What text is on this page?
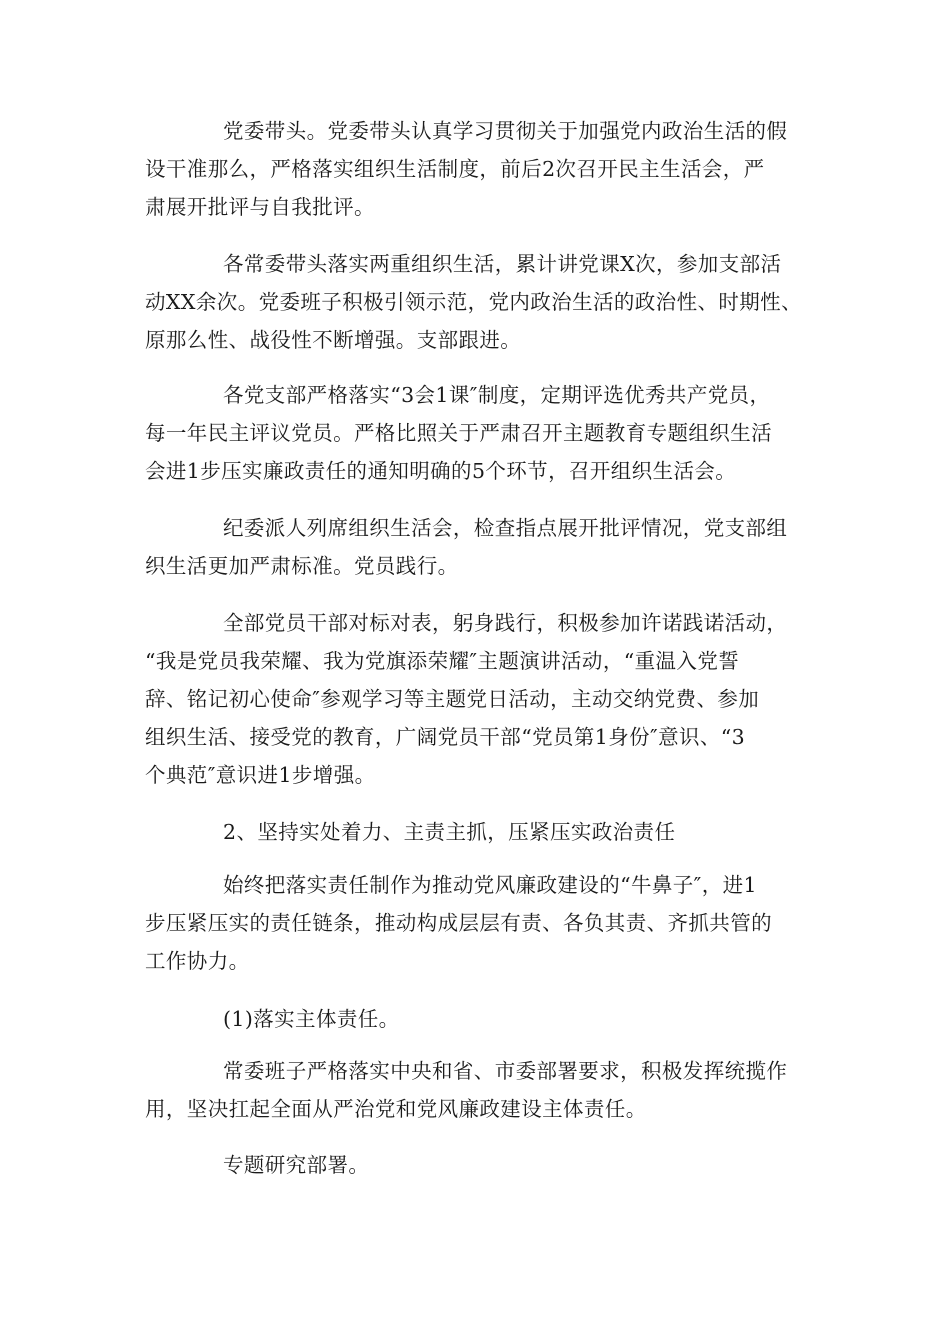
党委带头。党委带头认真学习贯彻关于加强党内政治生活的假
设干准那么，严格落实组织生活制度，前后2次召开民主生活会，严
肃展开批评与自我批评。
各常委带头落实两重组织生活，累计讲党课X次，参加支部活
动XX余次。党委班子积极引领示范，党内政治生活的政治性、时期性、
原那么性、战役性不断增强。支部跟进。
各党支部严格落实“3会1课″制度，定期评选优秀共产党员，
每一年民主评议党员。严格比照关于严肃召开主题教育专题组织生活
会进1步压实廉政责任的通知明确的5个环节，召开组织生活会。
纪委派人列席组织生活会，检查指点展开批评情况，党支部组
织生活更加严肃标准。党员践行。
全部党员干部对标对表，躬身践行，积极参加许诺践诺活动，
“我是党员我荣耀、我为党旗添荣耀″主题演讲活动，“重温入党誓
辞、铭记初心使命″参观学习等主题党日活动，主动交纳党费、参加
组织生活、接受党的教育，广阔党员干部“党员第1身份″意识、“3
个典范″意识进1步增强。
2、坚持实处着力、主责主抓，压紧压实政治责任
始终把落实责任制作为推动党风廉政建设的“牛鼻子″，进1
步压紧压实的责任链条，推动构成层层有责、各负其责、齐抓共管的
工作协力。
(1)落实主体责任。
常委班子严格落实中央和省、市委部署要求，积极发挥统揽作
用，坚决扛起全面从严治党和党风廉政建设主体责任。
专题研究部署。
